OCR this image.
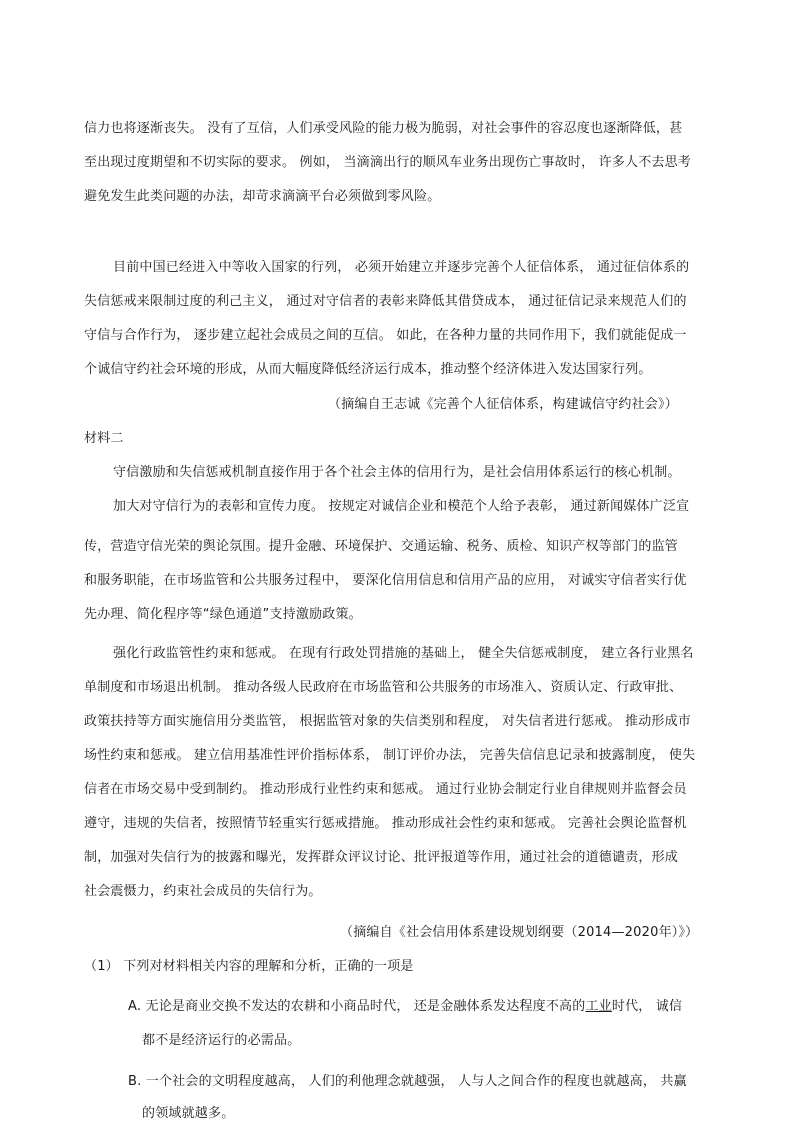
信力也将逐渐丧失。 没有了互信，人们承受风险的能力极为脆弱，对社会事件的容忍度也逐渐降低，甚
至出现过度期望和不切实际的要求。 例如， 当滴滴出行的顺风车业务出现伤亡事故时， 许多人不去思考
避免发生此类问题的办法，却苛求滴滴平台必须做到零风险。
目前中国已经进入中等收入国家的行列， 必须开始建立并逐步完善个人征信体系， 通过征信体系的
失信惩戒来限制过度的利己主义， 通过对守信者的表彰来降低其借贷成本， 通过征信记录来规范人们的
守信与合作行为， 逐步建立起社会成员之间的互信。 如此，在各种力量的共同作用下，我们就能促成一
个诚信守约社会环境的形成，从而大幅度降低经济运行成本，推动整个经济体进入发达国家行列。
（摘编自王志诚《完善个人征信体系，构建诚信守约社会》）
材料二
守信激励和失信惩戒机制直接作用于各个社会主体的信用行为，是社会信用体系运行的核心机制。
加大对守信行为的表彰和宣传力度。 按规定对诚信企业和模范个人给予表彰， 通过新闻媒体广泛宣
传，营造守信光荣的舆论氛围。提升金融、环境保护、交通运输、税务、质检、知识产权等部门的监管
和服务职能，在市场监管和公共服务过程中， 要深化信用信息和信用产品的应用， 对诚实守信者实行优
先办理、简化程序等“绿色通道”支持激励政策。
强化行政监管性约束和惩戒。 在现有行政处罚措施的基础上， 健全失信惩戒制度， 建立各行业黑名
单制度和市场退出机制。 推动各级人民政府在市场监管和公共服务的市场准入、资质认定、行政审批、
政策扶持等方面实施信用分类监管， 根据监管对象的失信类别和程度， 对失信者进行惩戒。 推动形成市
场性约束和惩戒。 建立信用基准性评价指标体系， 制订评价办法， 完善失信信息记录和披露制度， 使失
信者在市场交易中受到制约。 推动形成行业性约束和惩戒。 通过行业协会制定行业自律规则并监督会员
遵守，违规的失信者，按照情节轻重实行惩戒措施。 推动形成社会性约束和惩戒。 完善社会舆论监督机
制，加强对失信行为的披露和曝光，发挥群众评议讨论、批评报道等作用，通过社会的道德谴责，形成
社会震慑力，约束社会成员的失信行为。
（摘编自《社会信用体系建设规划纲要（2014—2020年）》）
（1） 下列对材料相关内容的理解和分析，正确的一项是
A. 无论是商业交换不发达的农耕和小商品时代， 还是金融体系发达程度不高的工业时代， 诚信
都不是经济运行的必需品。
B. 一个社会的文明程度越高， 人们的利他理念就越强， 人与人之间合作的程度也就越高， 共赢
的领域就越多。
